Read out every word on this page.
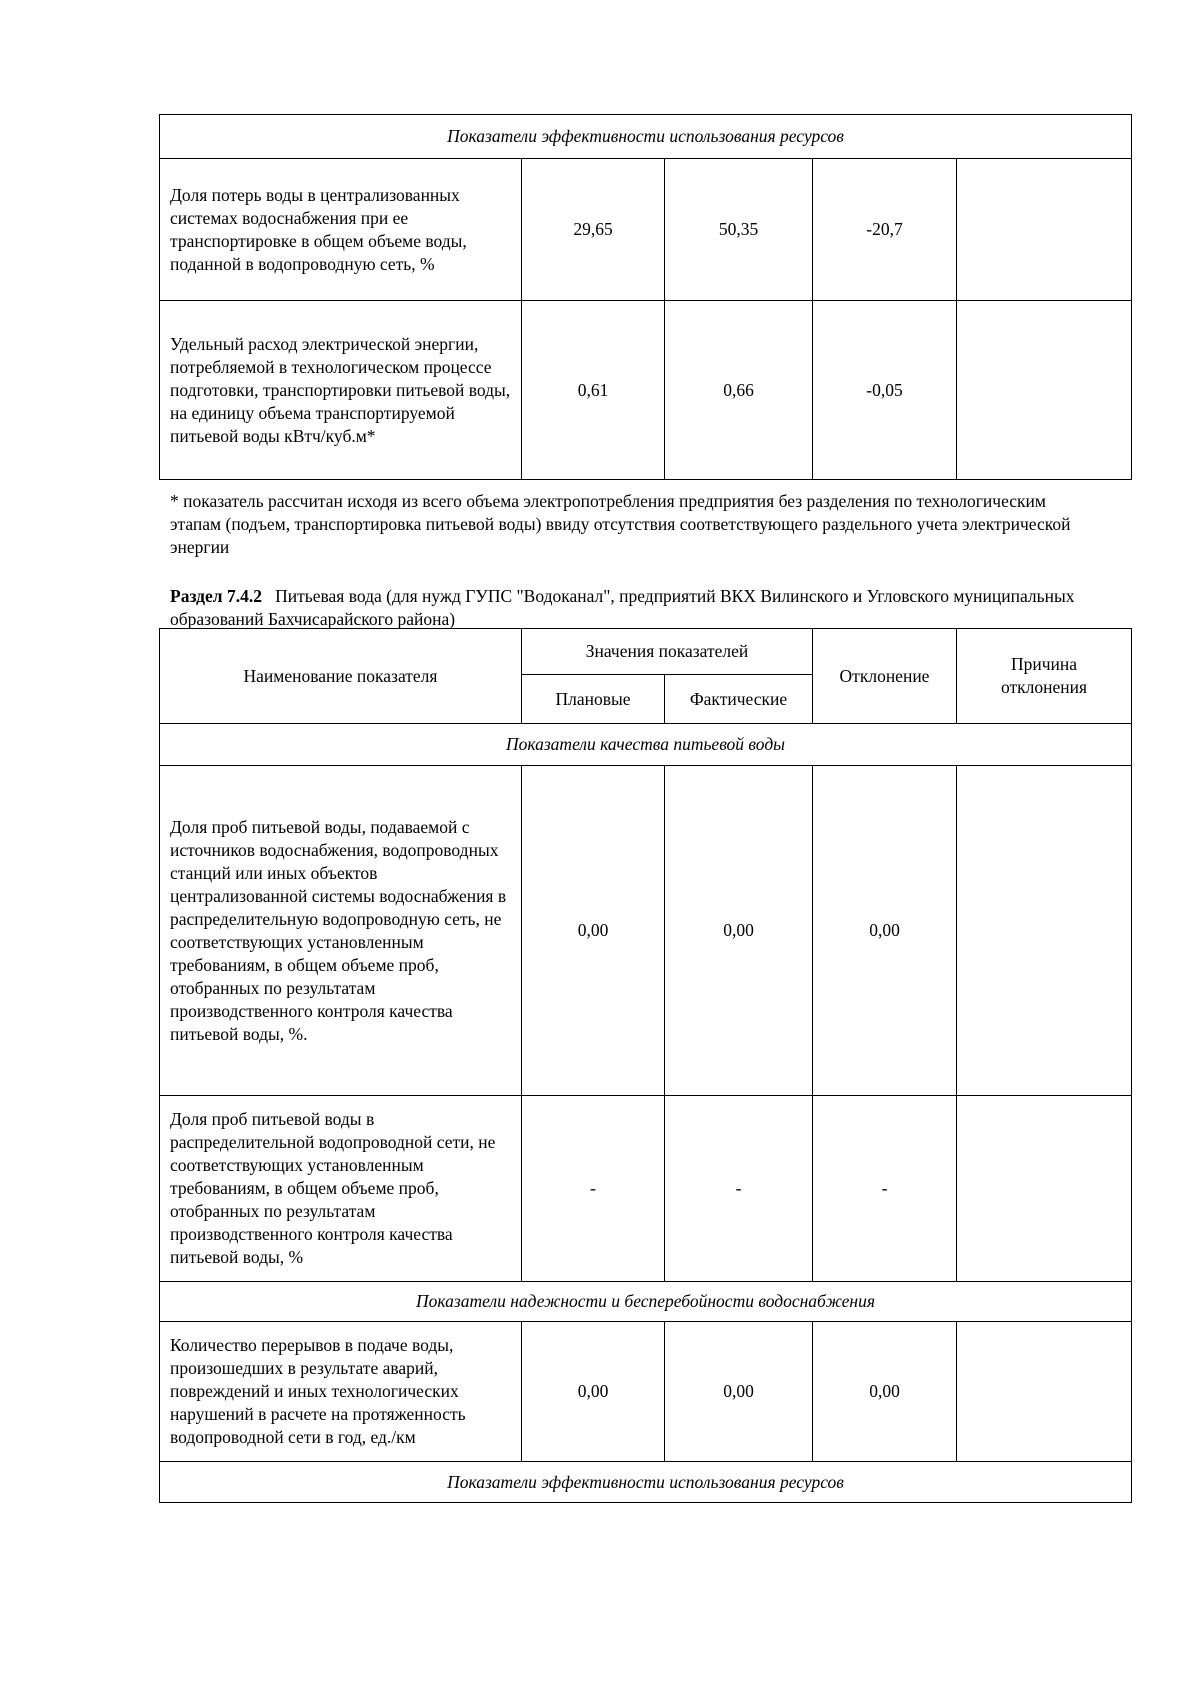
Показатели эффективности использования ресурсов				
Доля потерь воды в централизованных системах водоснабжения при ее транспортировке в общем объеме воды, поданной в водопроводную сеть, %	29,65	50,35	-20,7	
Удельный расход электрической энергии, потребляемой в технологическом процессе подготовки, транспортировки питьевой воды, на единицу объема транспортируемой питьевой воды кВтч/куб.м*	0,61	0,66	-0,05	
* показатель рассчитан исходя из всего объема электропотребления предприятия без разделения по технологическим этапам (подъем, транспортировка питьевой воды) ввиду отсутствия соответствующего раздельного учета электрической энергии
Раздел 7.4.2 Питьевая вода (для нужд ГУПС "Водоканал", предприятий ВКХ Вилинского и Угловского муниципальных образований Бахчисарайского района)
Наименование показателя	Значения показателей		Отклонение	Причина отклонения
	Плановые	Фактические		
Показатели качества питьевой воды				
Доля проб питьевой воды, подаваемой с источников водоснабжения, водопроводных станций или иных объектов централизованной системы водоснабжения в распределительную водопроводную сеть, не соответствующих установленным требованиям, в общем объеме проб, отобранных по результатам производственного контроля качества питьевой воды, %.	0,00	0,00	0,00	
Доля проб питьевой воды в распределительной водопроводной сети, не соответствующих установленным требованиям, в общем объеме проб, отобранных по результатам производственного контроля качества питьевой воды, %	-	-	-	
Показатели надежности и бесперебойности водоснабжения				
Количество перерывов в подаче воды, произошедших в результате аварий, повреждений и иных технологических нарушений в расчете на протяженность водопроводной сети в год, ед./км	0,00	0,00	0,00	
Показатели эффективности использования ресурсов				
